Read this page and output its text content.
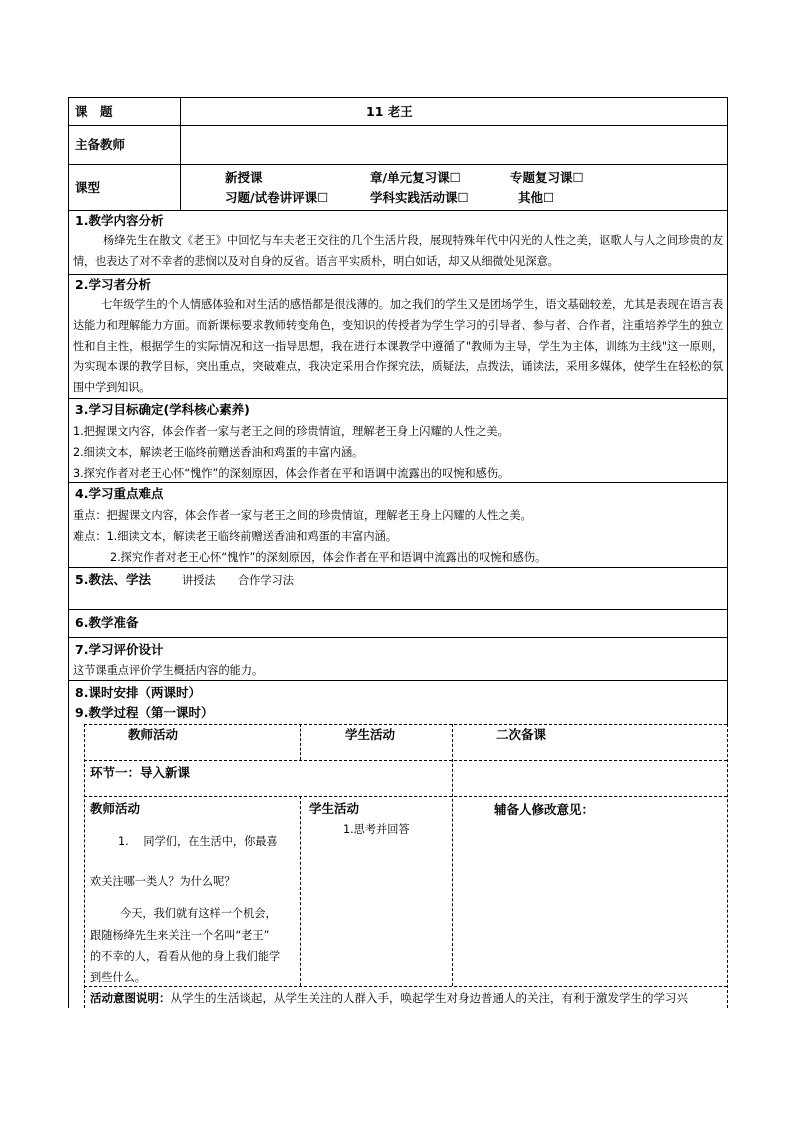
课　题	11 老王
主备教师
课型
新授课	章/单元复习课☐	专题复习课☐
习题/试卷讲评课☐	学科实践活动课☐	其他☐
1.教学内容分析
杨绛先生在散文《老王》中回忆与车夫老王交往的几个生活片段，展现特殊年代中闪光的人性之美，讴歌人与人之间珍贵的友情，也表达了对不幸者的悲悯以及对自身的反省。语言平实质朴，明白如话，却又从细微处见深意。
2.学习者分析
七年级学生的个人情感体验和对生活的感悟都是很浅薄的。加之我们的学生又是团场学生，语文基础较差，尤其是表现在语言表达能力和理解能力方面。而新课标要求教师转变角色，变知识的传授者为学生学习的引导者、参与者、合作者，注重培养学生的独立性和自主性，根据学生的实际情况和这一指导思想，我在进行本课教学中遵循了"教师为主导，学生为主体，训练为主线"这一原则，为实现本课的教学目标，突出重点，突破难点，我决定采用合作探究法，质疑法，点拨法，诵读法，采用多媒体，使学生在轻松的氛围中学到知识。
3.学习目标确定(学科核心素养)
1.把握课文内容，体会作者一家与老王之间的珍贵情谊，理解老王身上闪耀的人性之美。
2.细读文本，解读老王临终前赠送香油和鸡蛋的丰富内涵。
3.探究作者对老王心怀“愧怍”的深刻原因，体会作者在平和语调中流露出的叹惋和感伤。
4.学习重点难点
重点：把握课文内容，体会作者一家与老王之间的珍贵情谊，理解老王身上闪耀的人性之美。
难点：1.细读文本，解读老王临终前赠送香油和鸡蛋的丰富内涵。
2.探究作者对老王心怀“愧怍”的深刻原因，体会作者在平和语调中流露出的叹惋和感伤。
5.教法、学法	讲授法　　合作学习法
6.教学准备
7.学习评价设计
这节课重点评价学生概括内容的能力。
8.课时安排（两课时）
9.教学过程（第一课时）
教师活动	学生活动	二次备课
环节一：导入新课
教师活动	学生活动	辅备人修改意见：
1.　 同学们，在生活中，你最喜
欢关注哪一类人？为什么呢？
今天，我们就有这样一个机会，
跟随杨绛先生来关注一个名叫“老王”
的不幸的人，看看从他的身上我们能学
到些什么。
1.思考并回答
活动意图说明：从学生的生活谈起，从学生关注的人群入手，唤起学生对身边普通人的关注，有利于激发学生的学习兴
